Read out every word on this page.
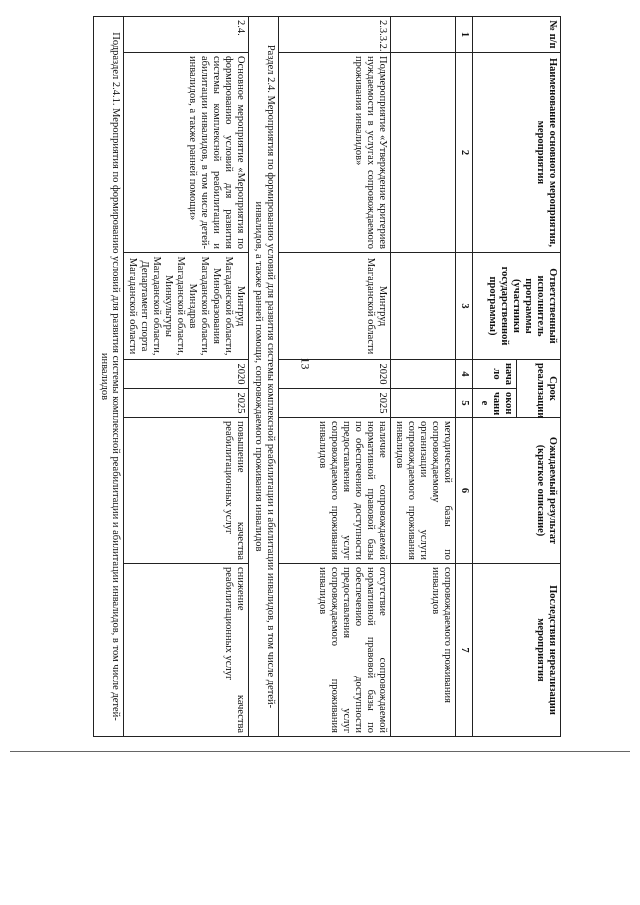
13
№ п/п	Наименование основного мероприятия, мероприятия	Ответственный исполнитель программы (участники государственной программы)	Срок реализации		Ожидаемый результат (краткое описание)	Последствия нереализации мероприятия
			нача ло	окон чани е		
1	2	3	4	5	6	7
					методической базы по сопровождаемому организации услуги сопровождаемого проживания инвалидов	сопровождаемого проживания инвалидов
2.3.3.2.	Подмероприятие «Утверждение критериев нуждаемости в услугах сопровождаемого проживания инвалидов»	Минтруд Магаданской области	2020	2025	наличие сопровождаемой нормативной правовой базы по обеспечению доступности предоставления услуг сопровождаемого проживания инвалидов	отсутствие сопровождаемой нормативной правовой базы по обеспечению доступности предоставления услуг сопровождаемого проживания инвалидов
Раздел 2.4. Мероприятия по формированию условий для развития системы комплексной реабилитации и абилитации инвалидов, в том числе детей-инвалидов, а также ранней помощи, сопровождаемого проживания инвалидов						
2.4.	Основное мероприятие «Мероприятия по формированию условий для развития системы комплексной реабилитации и абилитации инвалидов, в том числе детей-инвалидов, а также ранней помощи»	Минтруд Магаданской области, Минобразования Магаданской области, Минздрав Магаданской области, Минкультуры Магаданской области, Департамент спорта Магаданской области	2020	2025	повышение качества реабилитационных услуг	снижение качества реабилитационных услуг
Подраздел 2.4.1. Мероприятия по формированию условий для развития системы комплексной реабилитации и абилитации инвалидов, в том числе детей-инвалидов						
